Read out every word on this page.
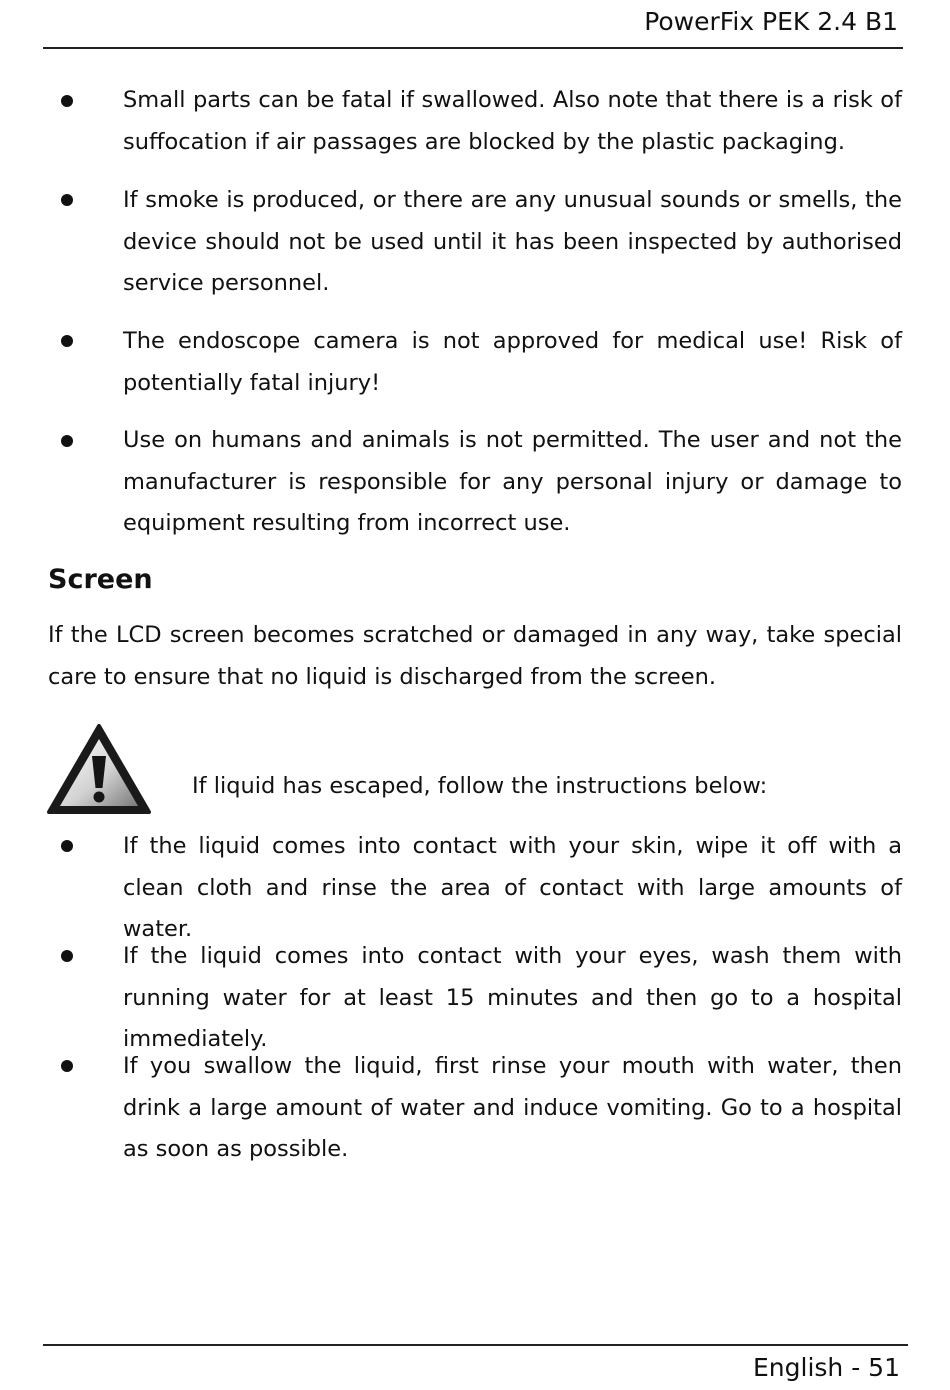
PowerFix PEK 2.4 B1
Small parts can be fatal if swallowed. Also note that there is a risk of suffocation if air passages are blocked by the plastic packaging.
If smoke is produced, or there are any unusual sounds or smells, the device should not be used until it has been inspected by authorised service personnel.
The endoscope camera is not approved for medical use! Risk of potentially fatal injury!
Use on humans and animals is not permitted. The user and not the manufacturer is responsible for any personal injury or damage to equipment resulting from incorrect use.
Screen

If the LCD screen becomes scratched or damaged in any way, take special care to ensure that no liquid is discharged from the screen.

If liquid has escaped, follow the instructions below:
If the liquid comes into contact with your skin, wipe it off with a clean cloth and rinse the area of contact with large amounts of water.
If the liquid comes into contact with your eyes, wash them with running water for at least 15 minutes and then go to a hospital immediately.
If you swallow the liquid, first rinse your mouth with water, then drink a large amount of water and induce vomiting. Go to a hospital as soon as possible.
English - 51
